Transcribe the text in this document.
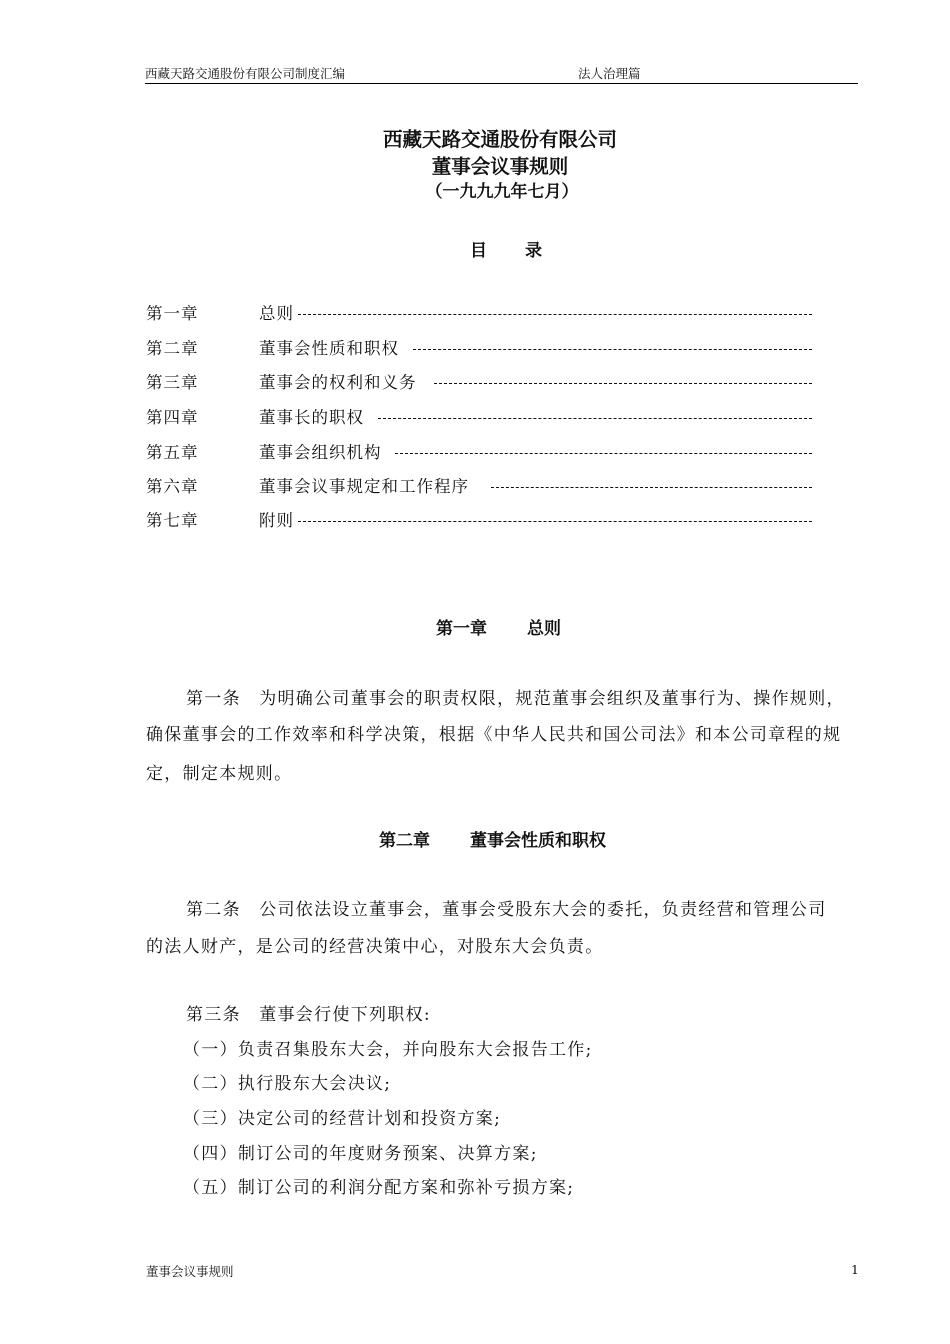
西藏天路交通股份有限公司制度汇编	法人治理篇
西藏天路交通股份有限公司
董事会议事规则
（一九九九年七月）
目 录
第一章	总则
第二章	董事会性质和职权
第三章	董事会的权利和义务
第四章	董事长的职权
第五章	董事会组织机构
第六章	董事会议事规定和工作程序
第七章	附则
第一章 总则
第一条　为明确公司董事会的职责权限，规范董事会组织及董事行为、操作规则，
确保董事会的工作效率和科学决策，根据《中华人民共和国公司法》和本公司章程的规
定，制定本规则。
第二章 董事会性质和职权
第二条　公司依法设立董事会，董事会受股东大会的委托，负责经营和管理公司
的法人财产，是公司的经营决策中心，对股东大会负责。
第三条　董事会行使下列职权:
（一）负责召集股东大会，并向股东大会报告工作;
（二）执行股东大会决议;
（三）决定公司的经营计划和投资方案;
（四）制订公司的年度财务预案、决算方案;
（五）制订公司的利润分配方案和弥补亏损方案;
董事会议事规则	1
